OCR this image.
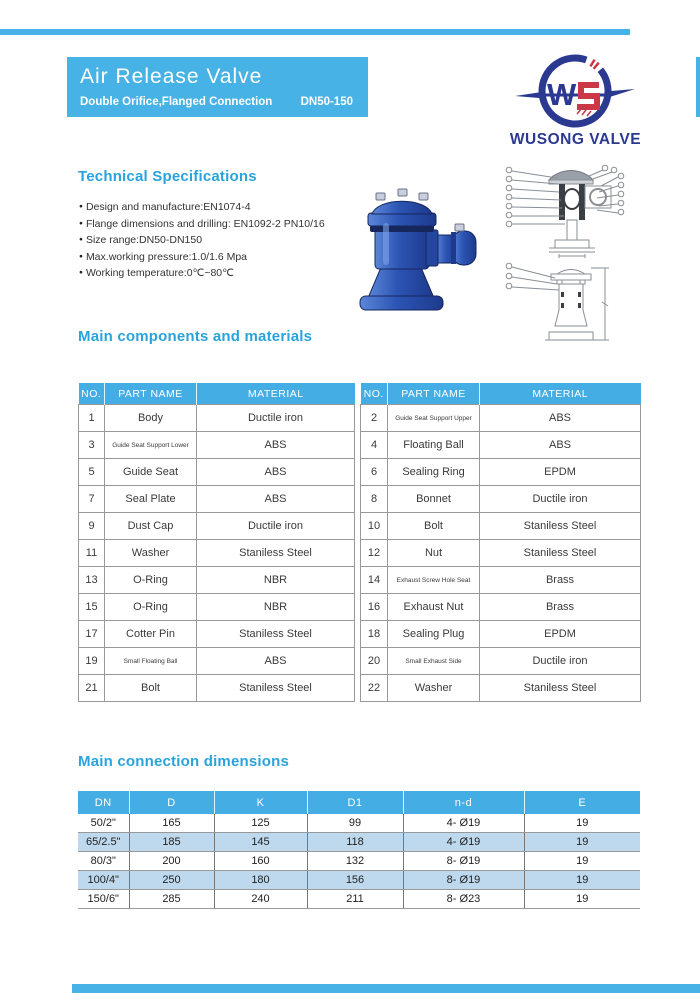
Air Release Valve
Double Orifice,Flanged Connection DN50-150	W
WUSONG VALVE
Technical Specifications
● Design and manufacture:EN1074-4
● Flange dimensions and drilling: EN1092-2 PN10/16
● Size range:DN50-DN150
● Max.working pressure:1.0/1.6 Mpa
● Working temperature:0℃~80℃
Main components and materials
NO.	PART NAME	MATERIAL
1	Body	Ductile iron
3	Guide Seat Support Lower	ABS
5	Guide Seat	ABS
7	Seal Plate	ABS
9	Dust Cap	Ductile iron
11	Washer	Staniless Steel
13	O-Ring	NBR
15	O-Ring	NBR
17	Cotter Pin	Staniless Steel
19	Small Floating Ball	ABS
21	Bolt	Staniless Steel
NO.	PART NAME	MATERIAL
2	Guide Seat Support Upper	ABS
4	Floating Ball	ABS
6	Sealing Ring	EPDM
8	Bonnet	Ductile iron
10	Bolt	Staniless Steel
12	Nut	Staniless Steel
14	Exhaust Screw Hole Seat	Brass
16	Exhaust Nut	Brass
18	Sealing Plug	EPDM
20	Small Exhaust Side	Ductile iron
22	Washer	Staniless Steel
Main connection dimensions
DN	D	K	D1	n-d	E
50/2"	165	125	99	4- Ø19	19
65/2.5"	185	145	118	4- Ø19	19
80/3"	200	160	132	8- Ø19	19
100/4"	250	180	156	8- Ø19	19
150/6"	285	240	211	8- Ø23	19
